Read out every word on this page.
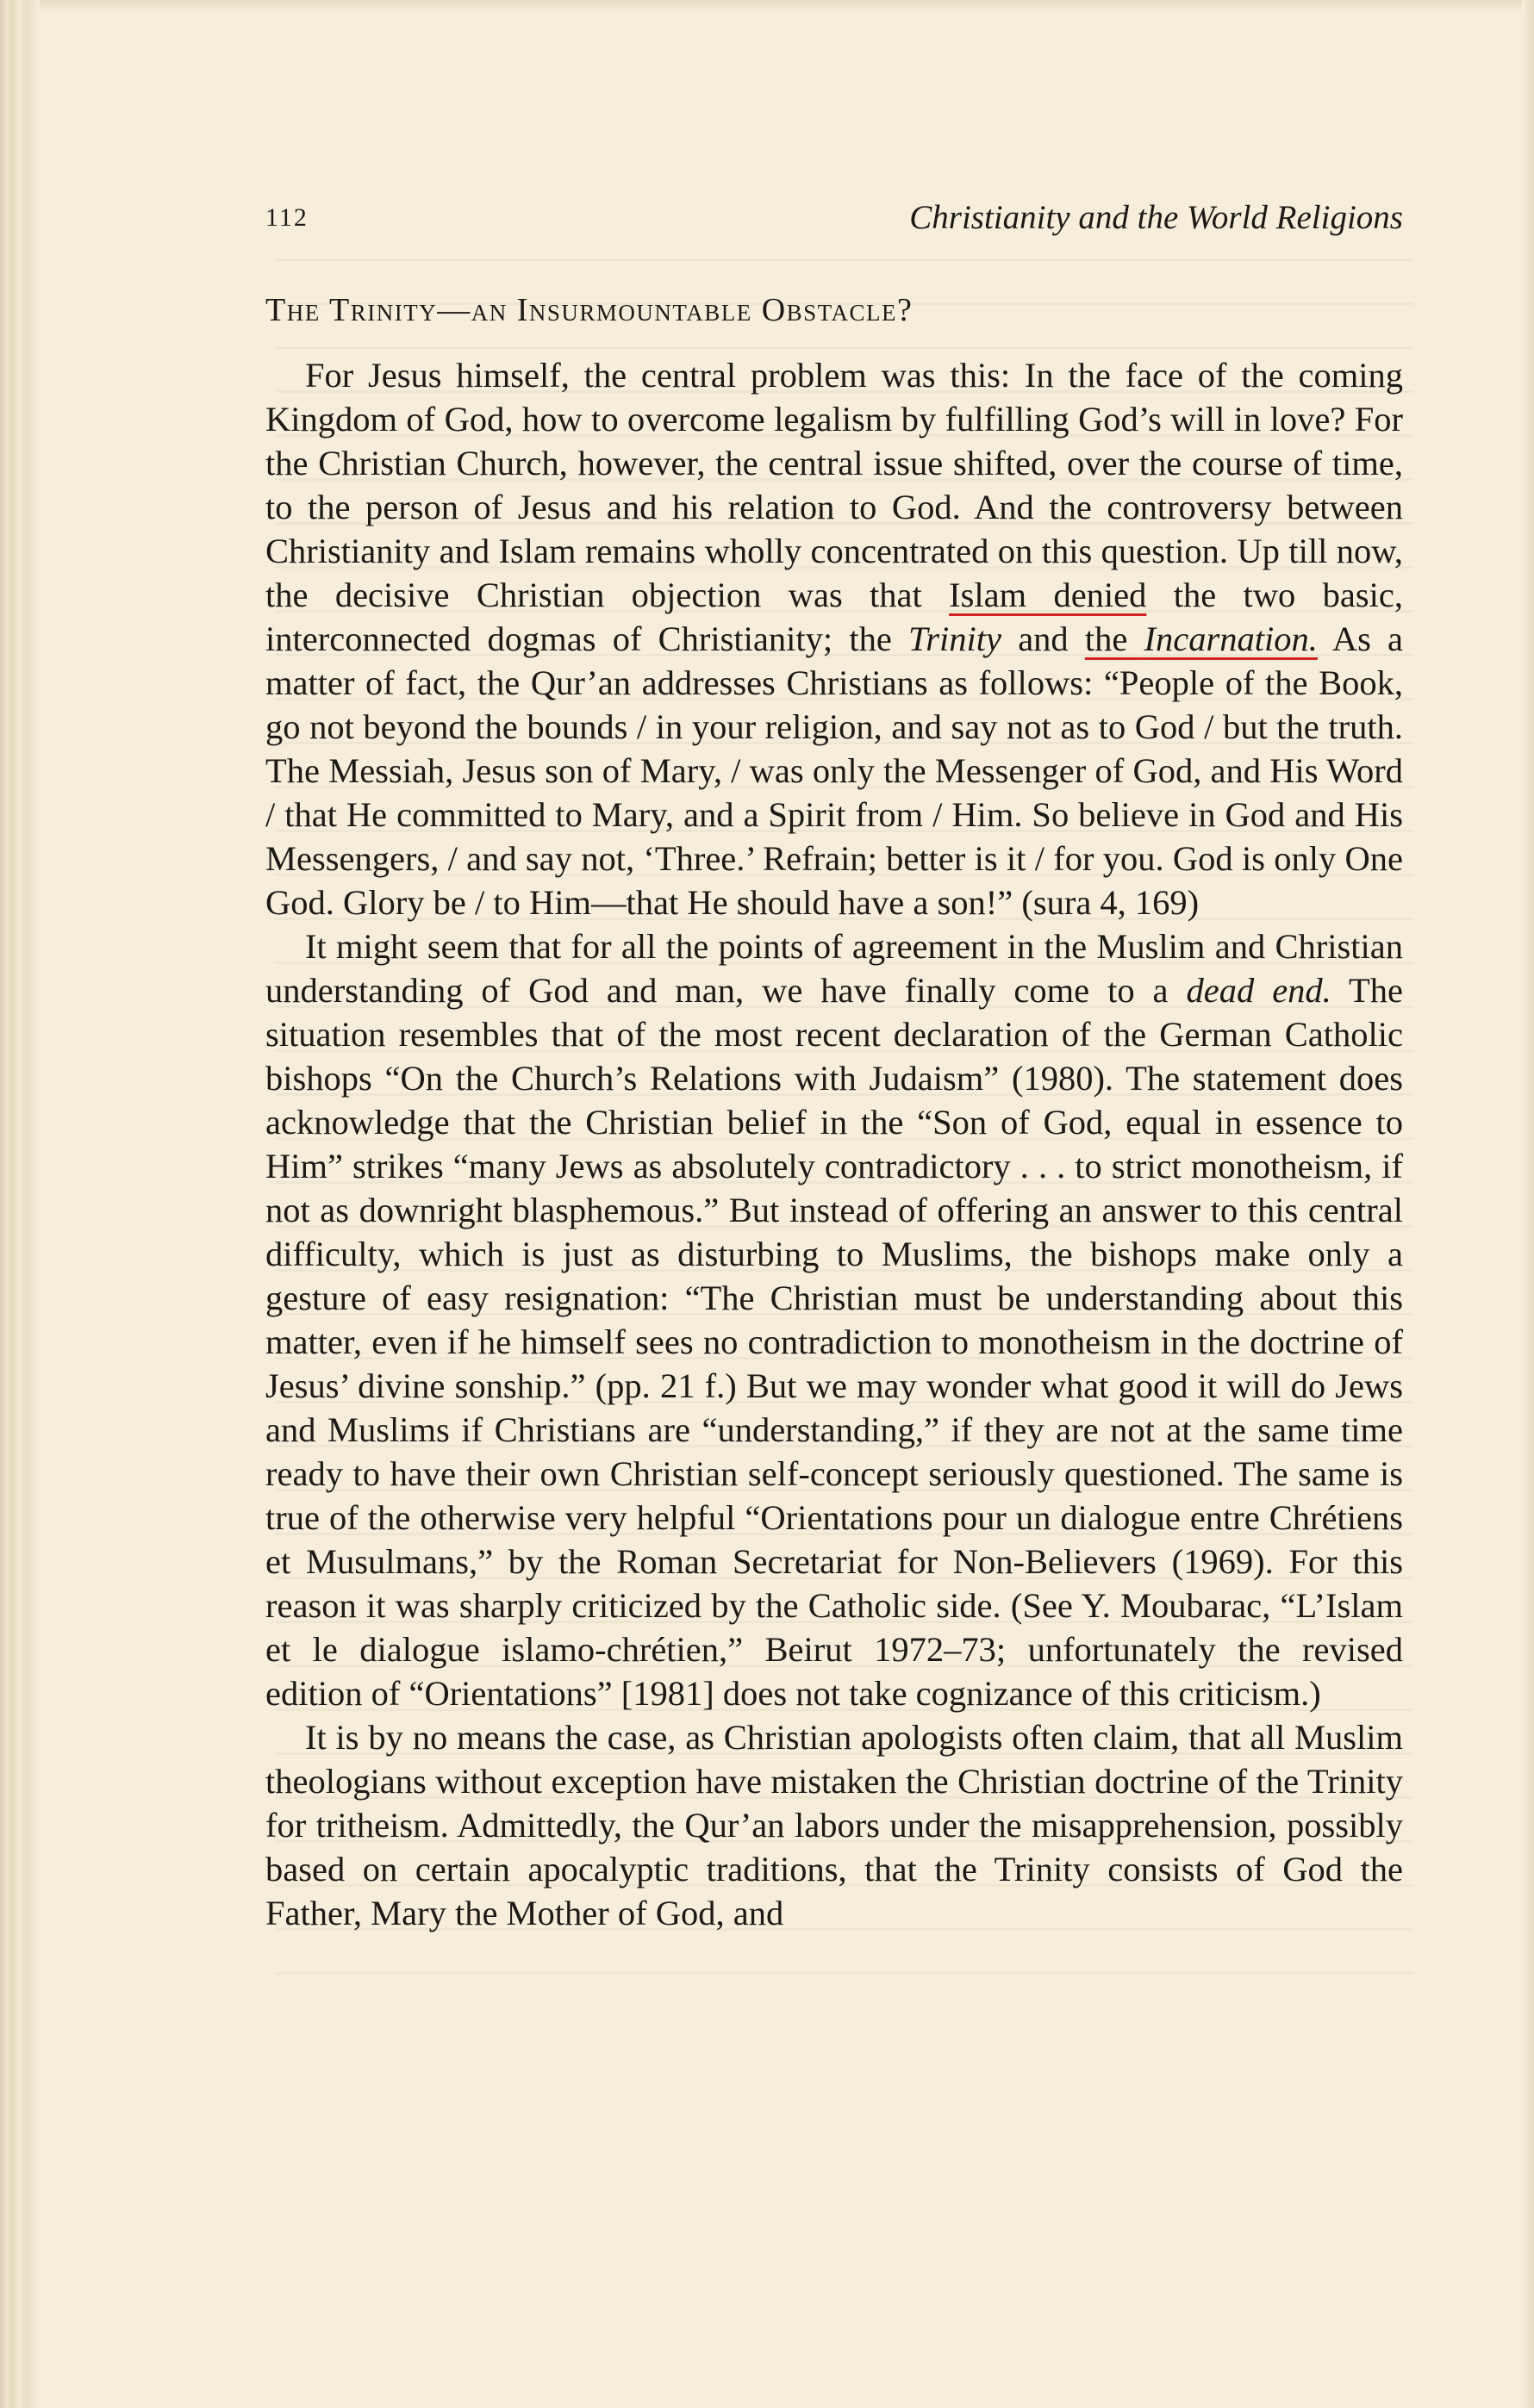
112	Christianity and the World Religions
The Trinity—an Insurmountable Obstacle?

For Jesus himself, the central problem was this: In the face of the coming Kingdom of God, how to overcome legalism by fulfilling God’s will in love? For the Christian Church, however, the central issue shifted, over the course of time, to the person of Jesus and his relation to God. And the controversy between Christianity and Islam remains wholly concentrated on this question. Up till now, the decisive Christian objection was that Islam denied the two basic, interconnected dogmas of Christianity; the Trinity and the Incarnation. As a matter of fact, the Qur’an addresses Christians as follows: “People of the Book, go not beyond the bounds / in your religion, and say not as to God / but the truth. The Messiah, Jesus son of Mary, / was only the Messenger of God, and His Word / that He committed to Mary, and a Spirit from / Him. So believe in God and His Messengers, / and say not, ‘Three.’ Refrain; better is it / for you. God is only One God. Glory be / to Him—that He should have a son!” (sura 4, 169)

It might seem that for all the points of agreement in the Muslim and Christian understanding of God and man, we have finally come to a dead end. The situation resembles that of the most recent declaration of the German Catholic bishops “On the Church’s Relations with Judaism” (1980). The statement does acknowledge that the Christian belief in the “Son of God, equal in essence to Him” strikes “many Jews as absolutely contradictory . . . to strict monotheism, if not as downright blasphemous.” But instead of offering an answer to this central difficulty, which is just as disturbing to Muslims, the bishops make only a gesture of easy resignation: “The Christian must be understanding about this matter, even if he himself sees no contradiction to monotheism in the doctrine of Jesus’ divine sonship.” (pp. 21 f.) But we may wonder what good it will do Jews and Muslims if Christians are “understanding,” if they are not at the same time ready to have their own Christian self-concept seriously questioned. The same is true of the otherwise very helpful “Orientations pour un dialogue entre Chrétiens et Musulmans,” by the Roman Secretariat for Non-Believers (1969). For this reason it was sharply criticized by the Catholic side. (See Y. Moubarac, “L’Islam et le dialogue islamo-chrétien,” Beirut 1972–73; unfortunately the revised edition of “Orientations” [1981] does not take cognizance of this criticism.)

It is by no means the case, as Christian apologists often claim, that all Muslim theologians without exception have mistaken the Christian doctrine of the Trinity for tritheism. Admittedly, the Qur’an labors under the misapprehension, possibly based on certain apocalyptic traditions, that the Trinity consists of God the Father, Mary the Mother of God, and
